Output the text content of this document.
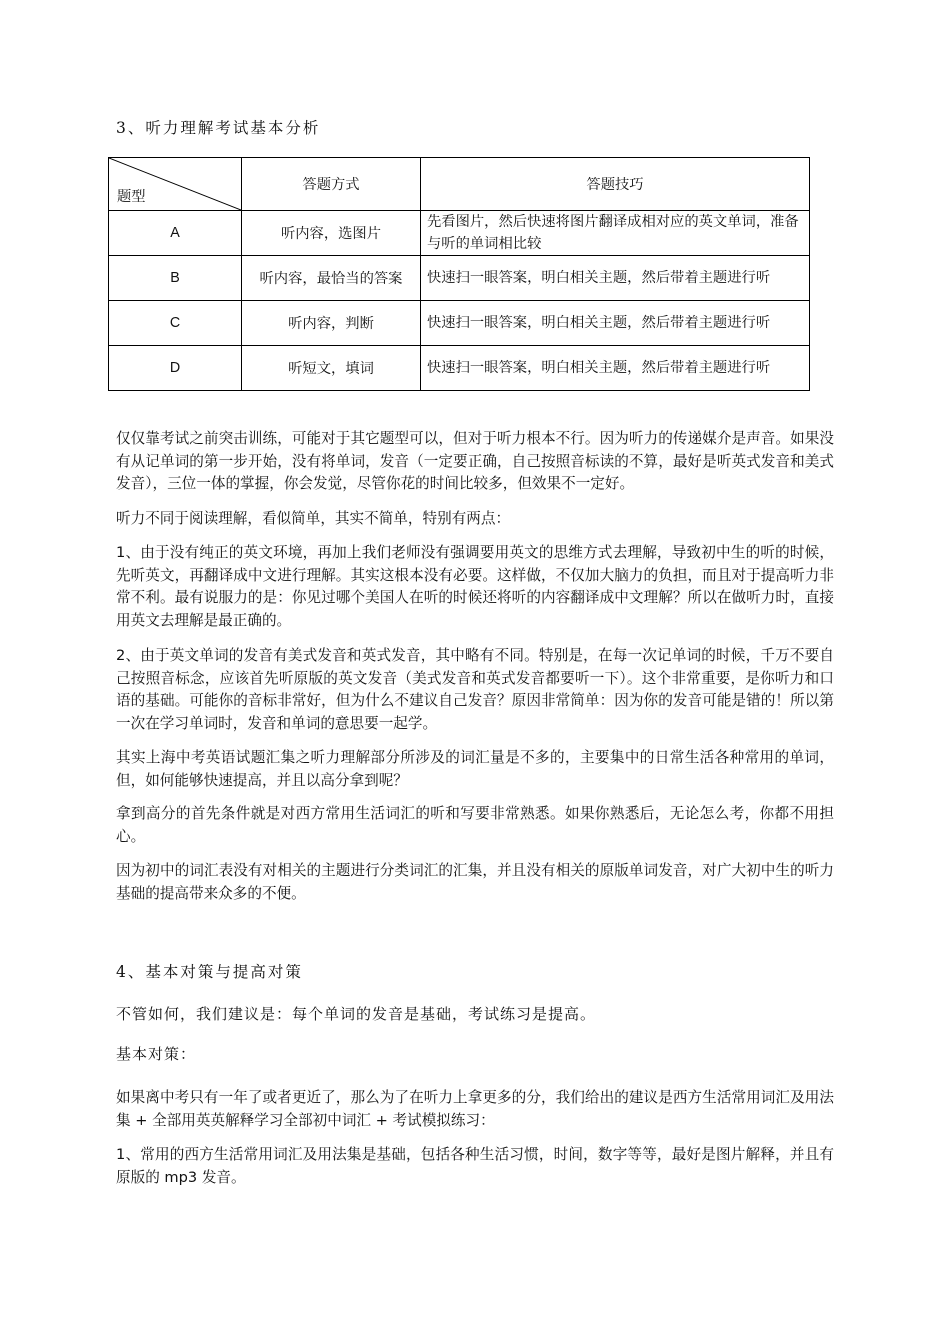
3、听力理解考试基本分析
题型	答题方式	答题技巧
A	听内容，选图片	先看图片，然后快速将图片翻译成相对应的英文单词，准备与听的单词相比较
B	听内容，最恰当的答案	快速扫一眼答案，明白相关主题，然后带着主题进行听
C	听内容，判断	快速扫一眼答案，明白相关主题，然后带着主题进行听
D	听短文，填词	快速扫一眼答案，明白相关主题，然后带着主题进行听

仅仅靠考试之前突击训练，可能对于其它题型可以，但对于听力根本不行。因为听力的传递媒介是声音。如果没有从记单词的第一步开始，没有将单词，发音（一定要正确，自己按照音标读的不算，最好是听英式发音和美式发音），三位一体的掌握，你会发觉，尽管你花的时间比较多，但效果不一定好。

听力不同于阅读理解，看似简单，其实不简单，特别有两点：

1、由于没有纯正的英文环境，再加上我们老师没有强调要用英文的思维方式去理解，导致初中生的听的时候，先听英文，再翻译成中文进行理解。其实这根本没有必要。这样做，不仅加大脑力的负担，而且对于提高听力非常不利。最有说服力的是：你见过哪个美国人在听的时候还将听的内容翻译成中文理解？所以在做听力时，直接用英文去理解是最正确的。

2、由于英文单词的发音有美式发音和英式发音，其中略有不同。特别是，在每一次记单词的时候，千万不要自己按照音标念，应该首先听原版的英文发音（美式发音和英式发音都要听一下）。这个非常重要，是你听力和口语的基础。可能你的音标非常好，但为什么不建议自己发音？原因非常简单：因为你的发音可能是错的！所以第一次在学习单词时，发音和单词的意思要一起学。

其实上海中考英语试题汇集之听力理解部分所涉及的词汇量是不多的，主要集中的日常生活各种常用的单词，但，如何能够快速提高，并且以高分拿到呢？

拿到高分的首先条件就是对西方常用生活词汇的听和写要非常熟悉。如果你熟悉后，无论怎么考，你都不用担心。

因为初中的词汇表没有对相关的主题进行分类词汇的汇集，并且没有相关的原版单词发音，对广大初中生的听力基础的提高带来众多的不便。

4、基本对策与提高对策
不管如何，我们建议是：每个单词的发音是基础，考试练习是提高。
基本对策：

如果离中考只有一年了或者更近了，那么为了在听力上拿更多的分，我们给出的建议是西方生活常用词汇及用法集 + 全部用英英解释学习全部初中词汇 + 考试模拟练习：

1、常用的西方生活常用词汇及用法集是基础，包括各种生活习惯，时间，数字等等，最好是图片解释，并且有原版的 mp3 发音。
